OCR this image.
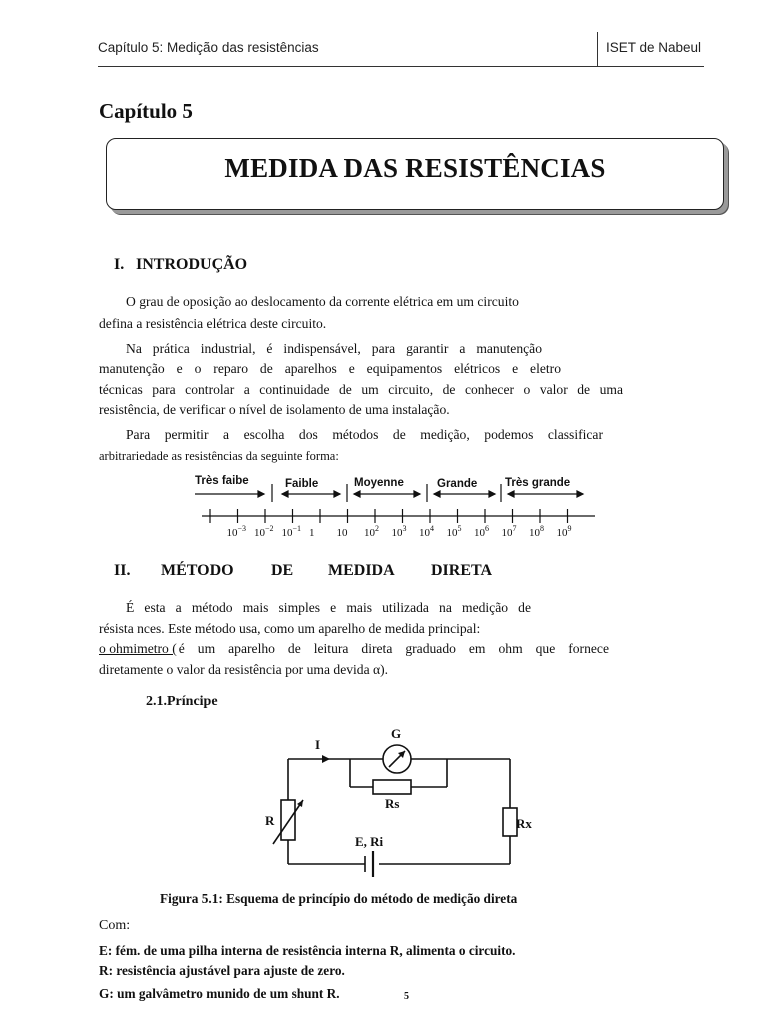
Capítulo 5: Medição das resistências	ISET de Nabeul
Capítulo 5
MEDIDA DAS RESISTÊNCIAS
I. INTRODUÇÃO
O grau de oposição ao deslocamento da corrente elétrica em um circuito
defina a resistência elétrica deste circuito.
Na prática industrial, é indispensável, para garantir a manutenção
manutenção e o reparo de aparelhos e equipamentos elétricos e eletro
técnicas para controlar a continuidade de um circuito, de conhecer o valor de uma
resistência, de verificar o nível de isolamento de uma instalação.
Para permitir a escolha dos métodos de medição, podemos classificar
arbitrariedade as resistências da seguinte forma:
Très faibe	Faible	Moyenne	Grande Très grande
$10^{-3}$ $10^{-2}$ $10^{-1}$ 1 10 $10^2$ $10^3$ $10^4$ $10^5$ $10^6$ $10^7$ $10^8$ $10^9$
II. MÉTODO DE MEDIDA DIRETA
É esta a método mais simples e mais utilizada na medição de
résista nces. Este método usa, como um aparelho de medida principal:
o ohmimetro ( é um aparelho de leitura direta graduado em ohm que fornece
diretamente o valor da resistência por uma devida α).
2.1.Príncipe
I
G
Rs
R
E, Ri
Rx
Figura 5.1: Esquema de princípio do método de medição direta
Com:
E: fém. de uma pilha interna de resistência interna R, alimenta o circuito.
R: resistência ajustável para ajuste de zero.
G: um galvâmetro munido de um shunt R.	5
